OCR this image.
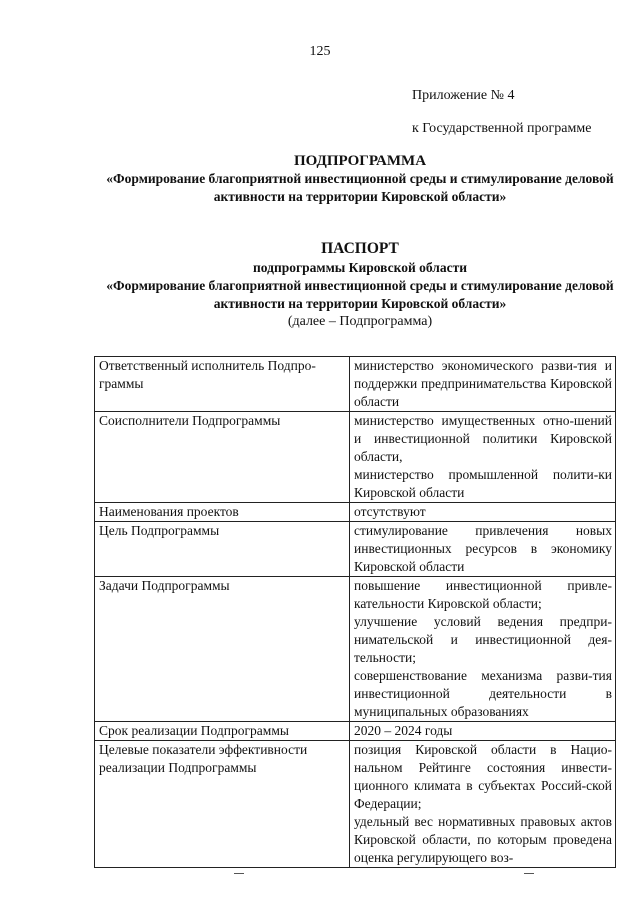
125
Приложение № 4
к Государственной программе
ПОДПРОГРАММА
«Формирование благоприятной инвестиционной среды и стимулирование деловой активности на территории Кировской области»
ПАСПОРТ
подпрограммы Кировской области
«Формирование благоприятной инвестиционной среды и стимулирование деловой активности на территории Кировской области»
(далее – Подпрограмма)
Ответственный исполнитель Подпро-граммы	министерство экономического разви-тия и поддержки предпринимательства Кировской области

Соисполнители Подпрограммы	министерство имущественных отно-шений и инвестиционной политики Кировской области,
министерство промышленной полити-ки Кировской области

Наименования проектов	отсутствуют

Цель Подпрограммы	стимулирование привлечения новых инвестиционных ресурсов в экономику Кировской области

Задачи Подпрограммы	повышение инвестиционной привле-кательности Кировской области;
улучшение условий ведения предпри-нимательской и инвестиционной дея-тельности;
совершенствование механизма разви-тия инвестиционной деятельности в муниципальных образованиях

Срок реализации Подпрограммы	2020 – 2024 годы

Целевые показатели эффективности реализации Подпрограммы	позиция Кировской области в Нацио-нальном Рейтинге состояния инвести-ционного климата в субъектах Россий-ской Федерации;
удельный вес нормативных правовых актов Кировской области, по которым проведена оценка регулирующего воз-
